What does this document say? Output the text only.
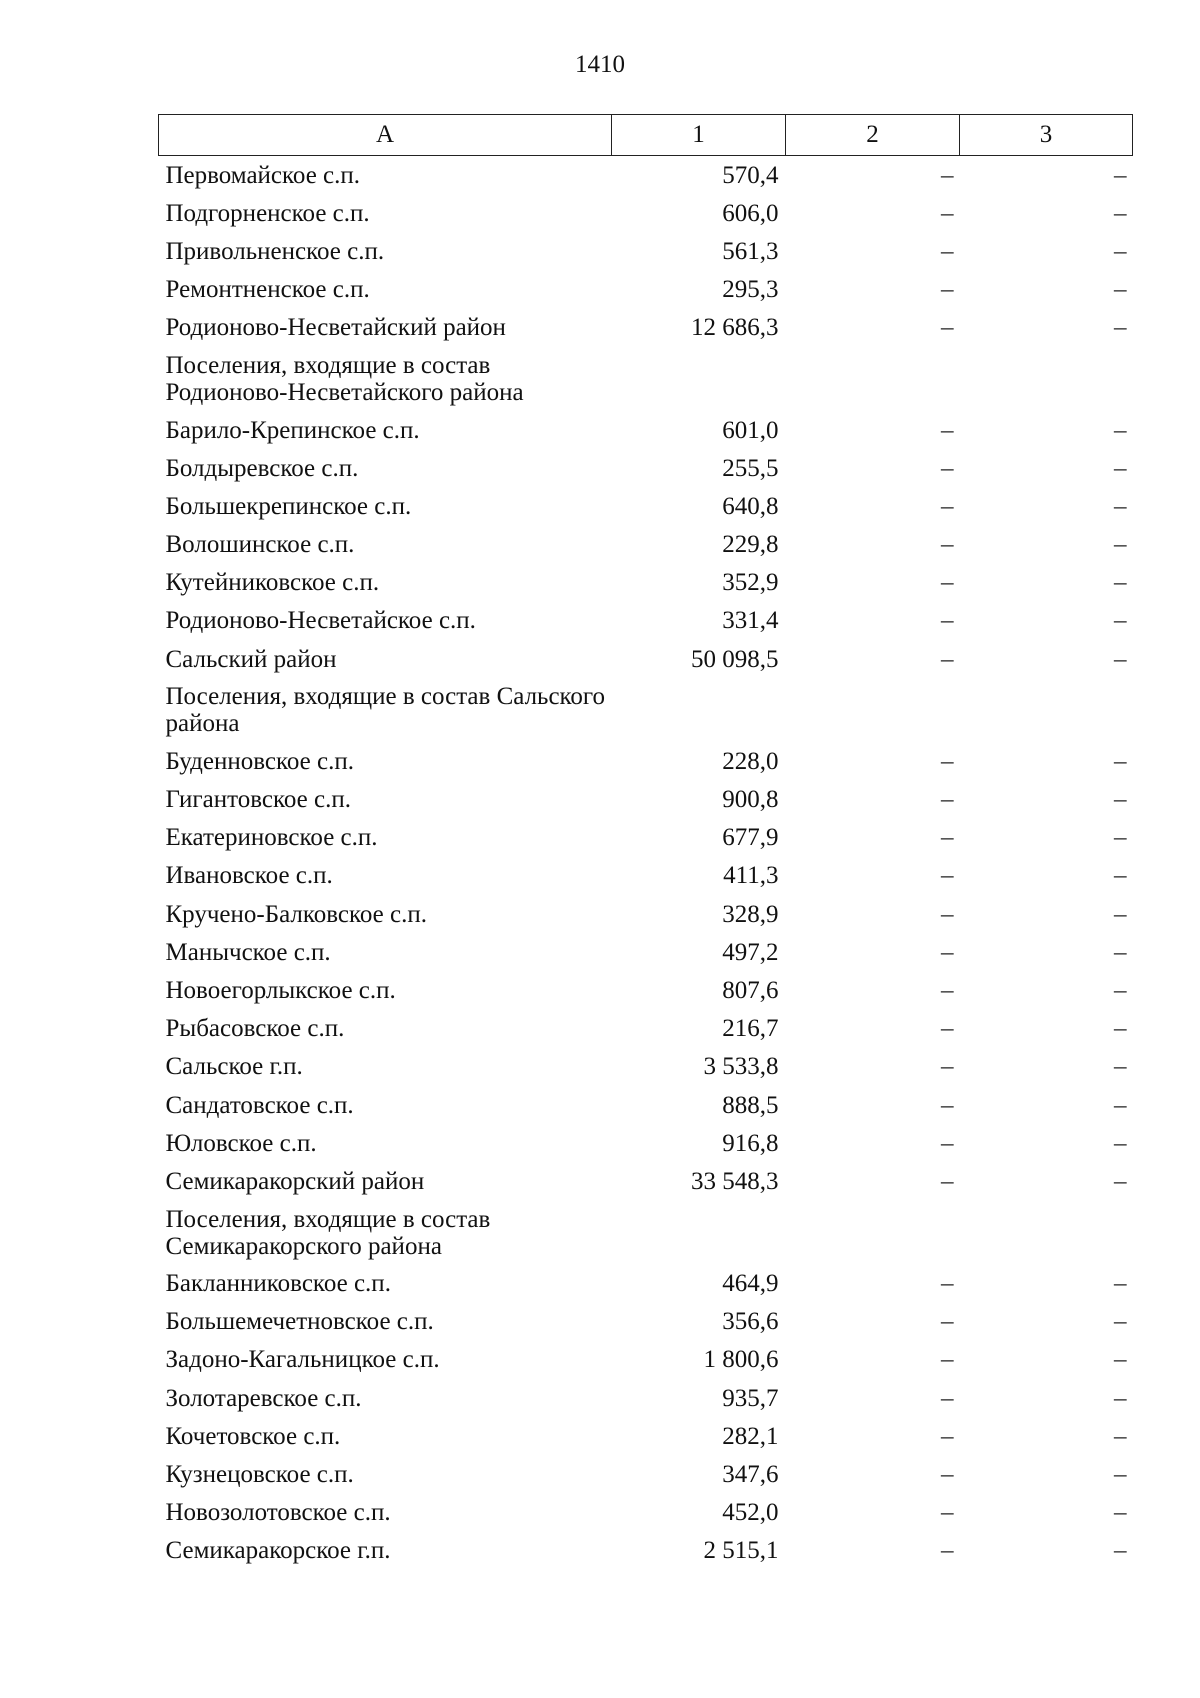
1410
А	1	2	3
Первомайское с.п.	570,4	–	–
Подгорненское с.п.	606,0	–	–
Привольненское с.п.	561,3	–	–
Ремонтненское с.п.	295,3	–	–
Родионово-Несветайский район	12 686,3	–	–
Поселения, входящие в состав Родионово-Несветайского района			
Барило-Крепинское с.п.	601,0	–	–
Болдыревское с.п.	255,5	–	–
Большекрепинское с.п.	640,8	–	–
Волошинское с.п.	229,8	–	–
Кутейниковское с.п.	352,9	–	–
Родионово-Несветайское с.п.	331,4	–	–
Сальский район	50 098,5	–	–
Поселения, входящие в состав Сальского района			
Буденновское с.п.	228,0	–	–
Гигантовское с.п.	900,8	–	–
Екатериновское с.п.	677,9	–	–
Ивановское с.п.	411,3	–	–
Кручено-Балковское с.п.	328,9	–	–
Манычское с.п.	497,2	–	–
Новоегорлыкское с.п.	807,6	–	–
Рыбасовское с.п.	216,7	–	–
Сальское г.п.	3 533,8	–	–
Сандатовское с.п.	888,5	–	–
Юловское с.п.	916,8	–	–
Семикаракорский район	33 548,3	–	–
Поселения, входящие в состав Семикаракорского района			
Бакланниковское с.п.	464,9	–	–
Большемечетновское с.п.	356,6	–	–
Задоно-Кагальницкое с.п.	1 800,6	–	–
Золотаревское с.п.	935,7	–	–
Кочетовское с.п.	282,1	–	–
Кузнецовское с.п.	347,6	–	–
Новозолотовское с.п.	452,0	–	–
Семикаракорское г.п.	2 515,1	–	–
